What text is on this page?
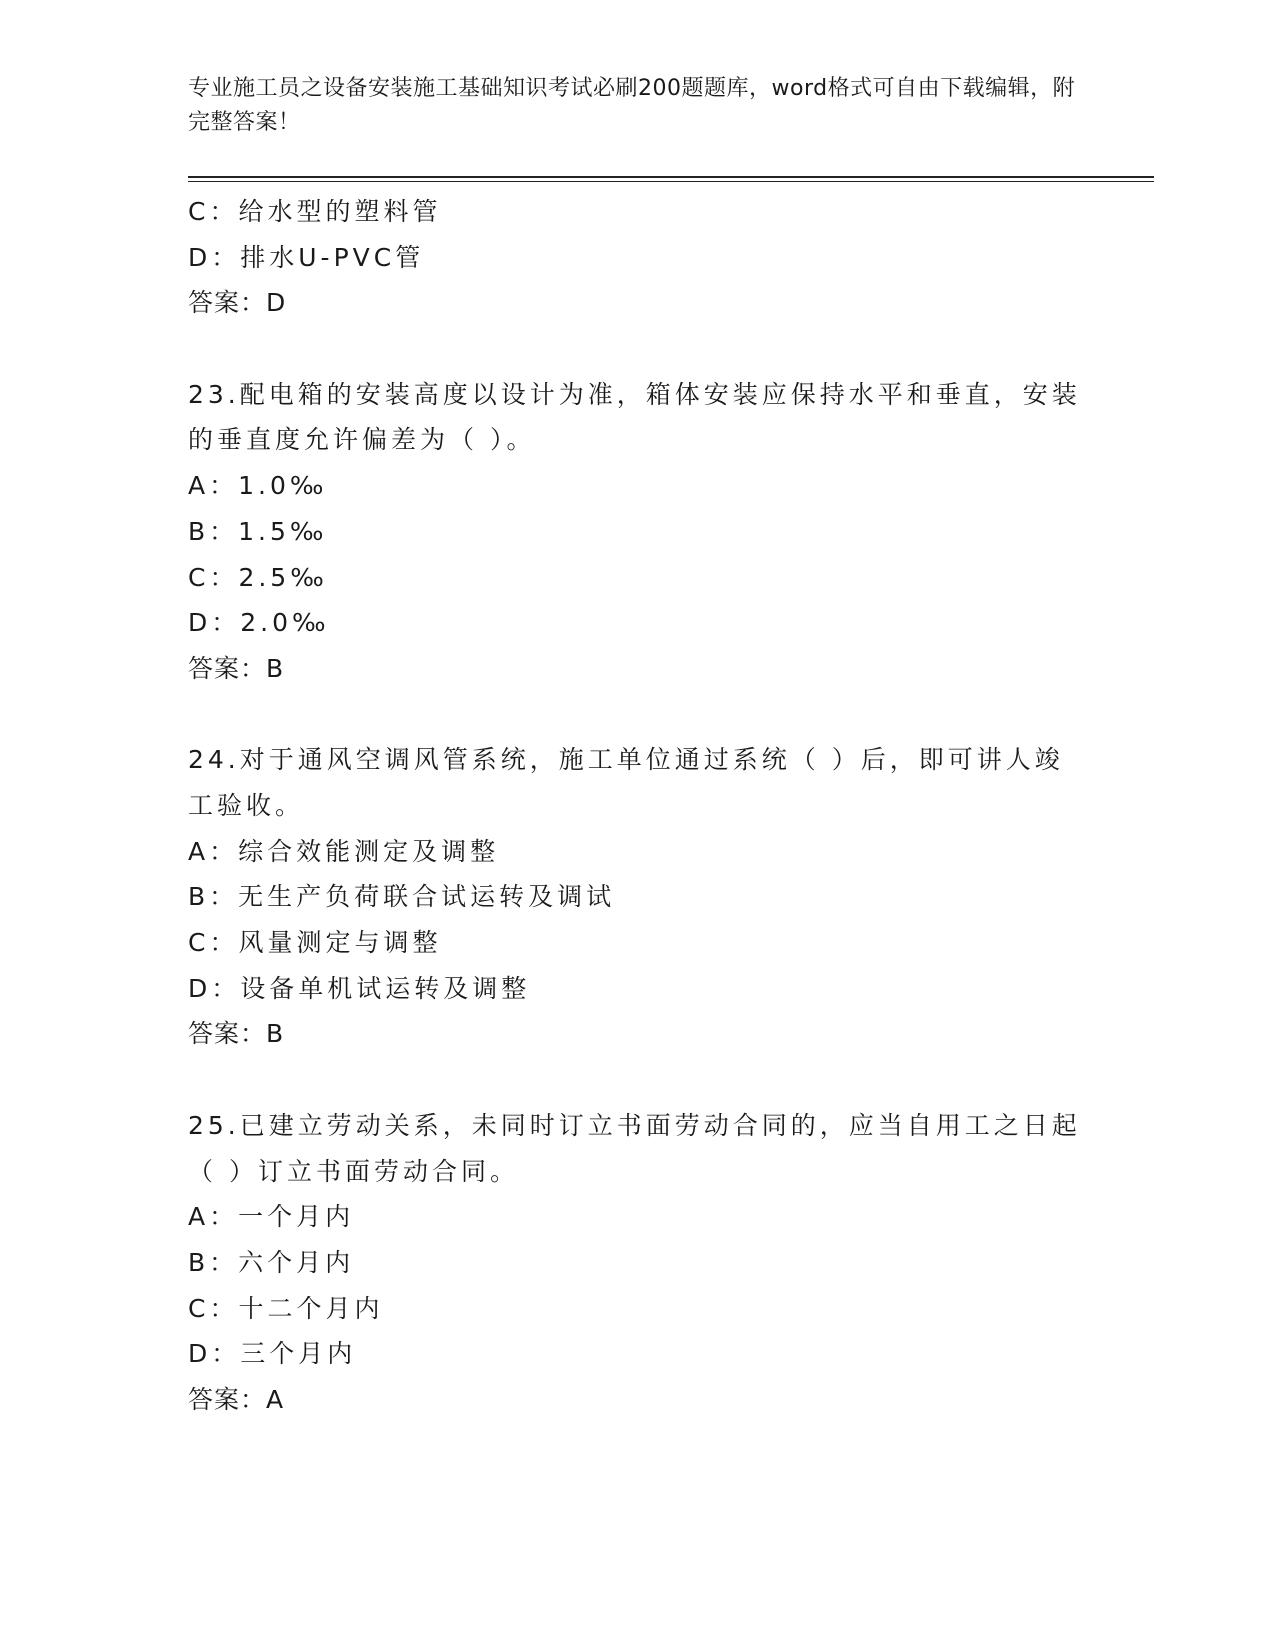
专业施工员之设备安装施工基础知识考试必刷200题题库，word格式可自由下载编辑，附完整答案！
C：给水型的塑料管
D：排水U-PVC管
答案：D
23.配电箱的安装高度以设计为准，箱体安装应保持水平和垂直，安装的垂直度允许偏差为（ ）。
A：1.0‰
B：1.5‰
C：2.5‰
D：2.0‰
答案：B
24.对于通风空调风管系统，施工单位通过系统（ ）后，即可讲人竣工验收。
A：综合效能测定及调整
B：无生产负荷联合试运转及调试
C：风量测定与调整
D：设备单机试运转及调整
答案：B
25.已建立劳动关系，未同时订立书面劳动合同的，应当自用工之日起（ ）订立书面劳动合同。
A：一个月内
B：六个月内
C：十二个月内
D：三个月内
答案：A
